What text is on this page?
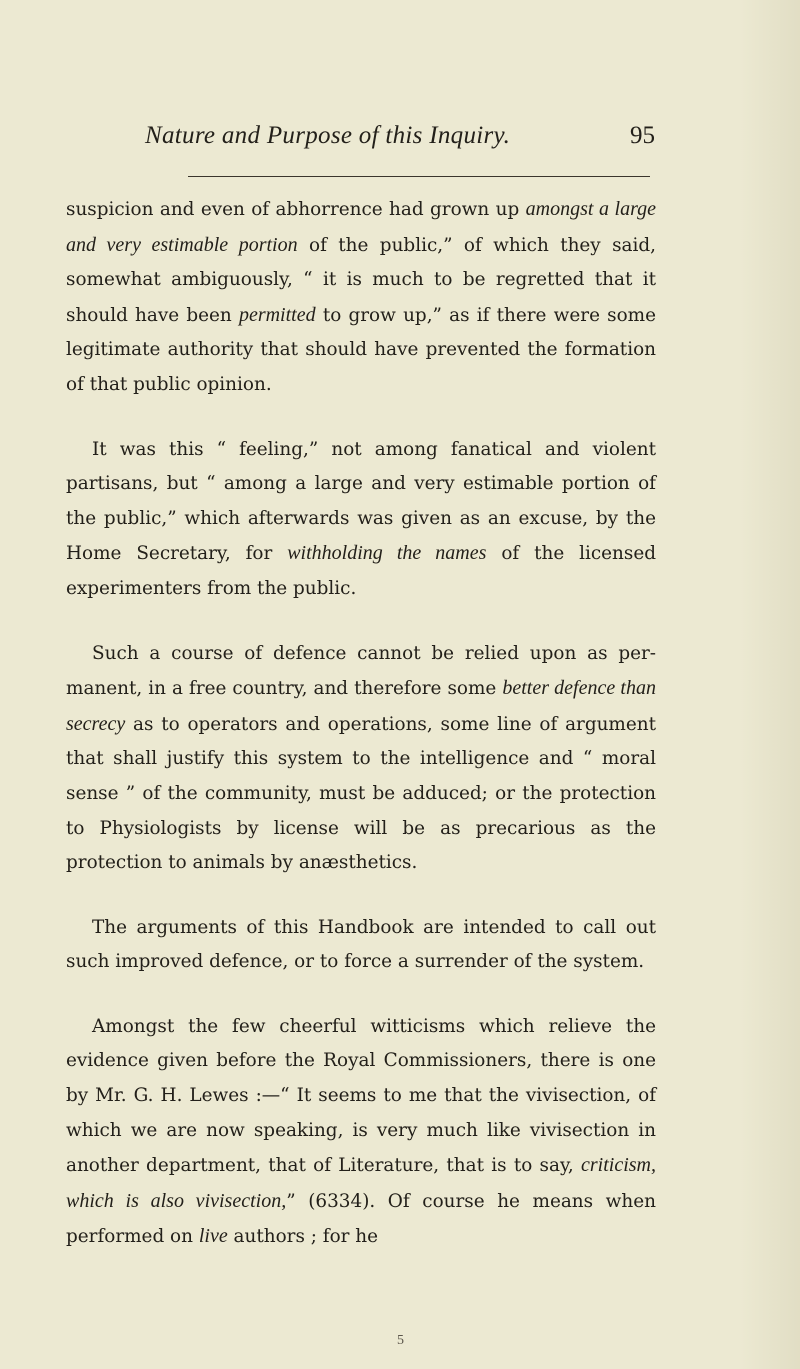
Nature and Purpose of this Inquiry.	95

suspicion and even of abhorrence had grown up amongst a large and very estimable portion of the public,” of which they said, somewhat ambiguously, “ it is much to be regretted that it should have been permitted to grow up,” as if there were some legitimate authority that should have prevented the formation of that public opinion.

It was this “ feeling,” not among fanatical and violent partisans, but “ among a large and very estimable portion of the public,” which afterwards was given as an excuse, by the Home Secretary, for withholding the names of the licensed experimenters from the public.

Such a course of defence cannot be relied upon as permanent, in a free country, and therefore some better defence than secrecy as to operators and operations, some line of argument that shall justify this system to the intelligence and “ moral sense ” of the community, must be adduced; or the protection to Physiologists by license will be as precarious as the protection to animals by anæsthetics.

The arguments of this Handbook are intended to call out such improved defence, or to force a surrender of the system.

Amongst the few cheerful witticisms which relieve the evidence given before the Royal Commissioners, there is one by Mr. G. H. Lewes :—“ It seems to me that the vivisection, of which we are now speaking, is very much like vivisection in another department, that of Literature, that is to say, criticism, which is also vivisection,” (6334). Of course he means when performed on live authors ; for he

5
